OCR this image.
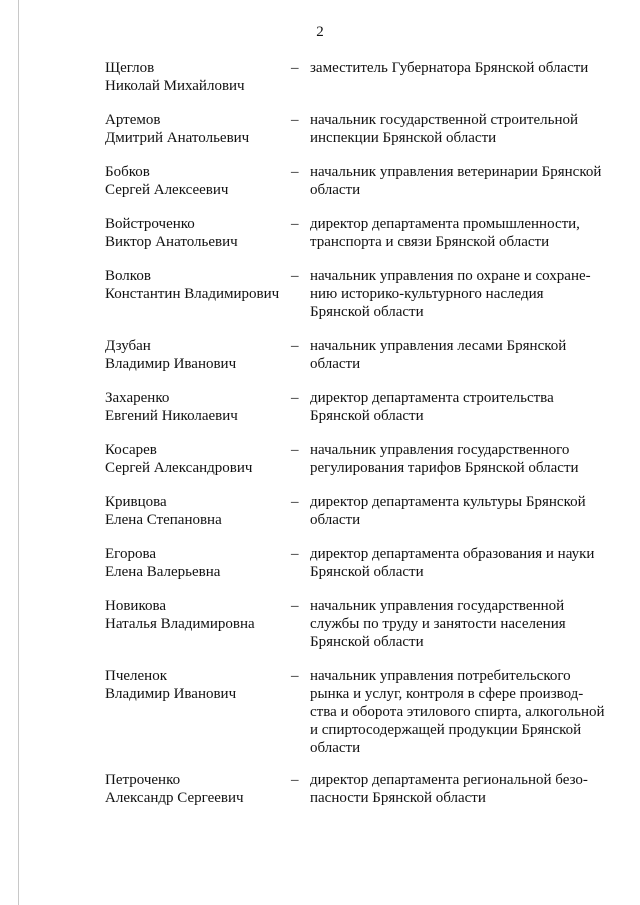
2
Щеглов
Николай Михайлович
– заместитель Губернатора Брянской области
Артемов
Дмитрий Анатольевич
– начальник государственной строительной
инспекции Брянской области
Бобков
Сергей Алексеевич
– начальник управления ветеринарии Брянской
области
Войстроченко
Виктор Анатольевич
– директор департамента промышленности,
транспорта и связи Брянской области
Волков
Константин Владимирович
– начальник управления по охране и сохране-
нию историко-культурного наследия
Брянской области
Дзубан
Владимир Иванович
– начальник управления лесами Брянской
области
Захаренко
Евгений Николаевич
– директор департамента строительства
Брянской области
Косарев
Сергей Александрович
– начальник управления государственного
регулирования тарифов Брянской области
Кривцова
Елена Степановна
– директор департамента культуры Брянской
области
Егорова
Елена Валерьевна
– директор департамента образования и науки
Брянской области
Новикова
Наталья Владимировна
– начальник управления государственной
службы по труду и занятости населения
Брянской области
Пчеленок
Владимир Иванович
– начальник управления потребительского
рынка и услуг, контроля в сфере производ-
ства и оборота этилового спирта, алкогольной
и спиртосодержащей продукции Брянской
области
Петроченко
Александр Сергеевич
– директор департамента региональной безо-
пасности Брянской области
